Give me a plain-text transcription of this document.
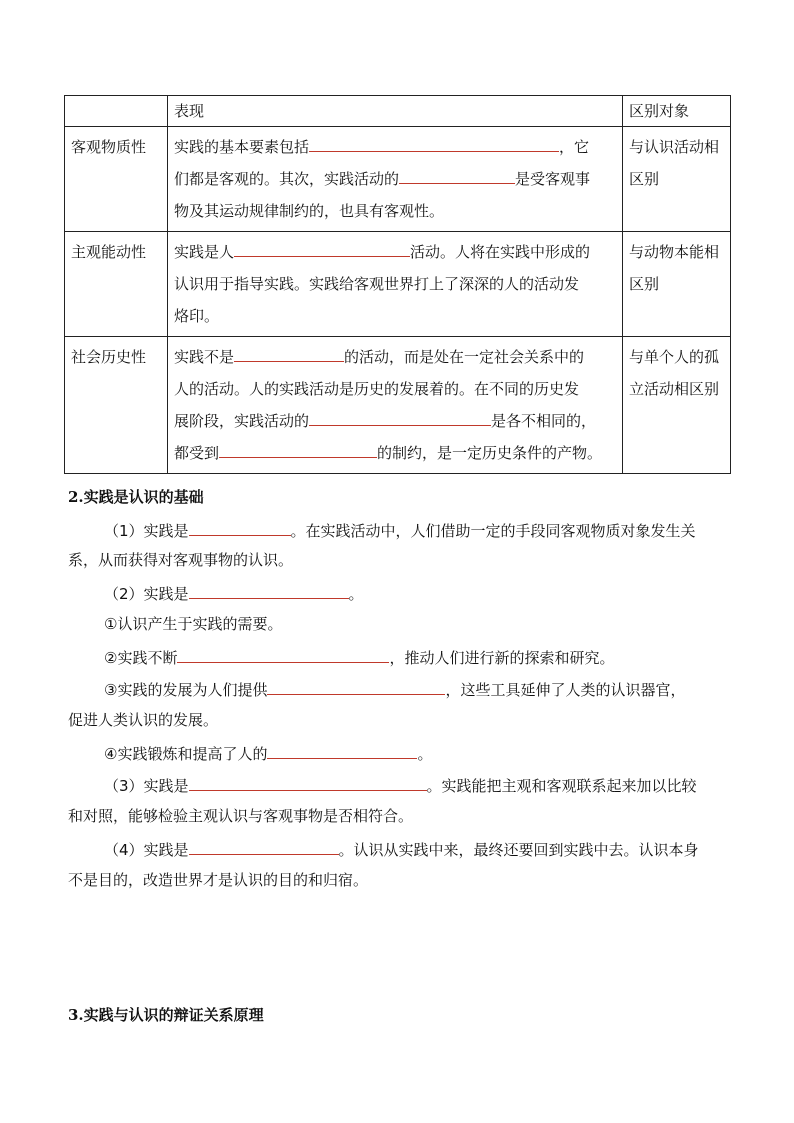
	表现	区别对象
客观物质性	实践的基本要素包括 ，它
们都是客观的。其次，实践活动的 是受客观事
物及其运动规律制约的，也具有客观性。	与认识活动相区别
主观能动性	实践是人 活动。人将在实践中形成的
认识用于指导实践。实践给客观世界打上了深深的人的活动发
烙印。	与动物本能相区别
社会历史性	实践不是 的活动，而是处在一定社会关系中的
人的活动。人的实践活动是历史的发展着的。在不同的历史发
展阶段，实践活动的 是各不相同的，
都受到 的制约，是一定历史条件的产物。	与单个人的孤立活动相区别
2.实践是认识的基础
（1）实践是	。在实践活动中，人们借助一定的手段同客观物质对象发生关
系，从而获得对客观事物的认识。
（2）实践是	。
①认识产生于实践的需要。
②实践不断	，推动人们进行新的探索和研究。
③实践的发展为人们提供	，这些工具延伸了人类的认识器官，
促进人类认识的发展。
④实践锻炼和提高了人的	。
（3）实践是	。实践能把主观和客观联系起来加以比较
和对照，能够检验主观认识与客观事物是否相符合。
（4）实践是	。认识从实践中来，最终还要回到实践中去。认识本身
不是目的，改造世界才是认识的目的和归宿。
3.实践与认识的辩证关系原理
